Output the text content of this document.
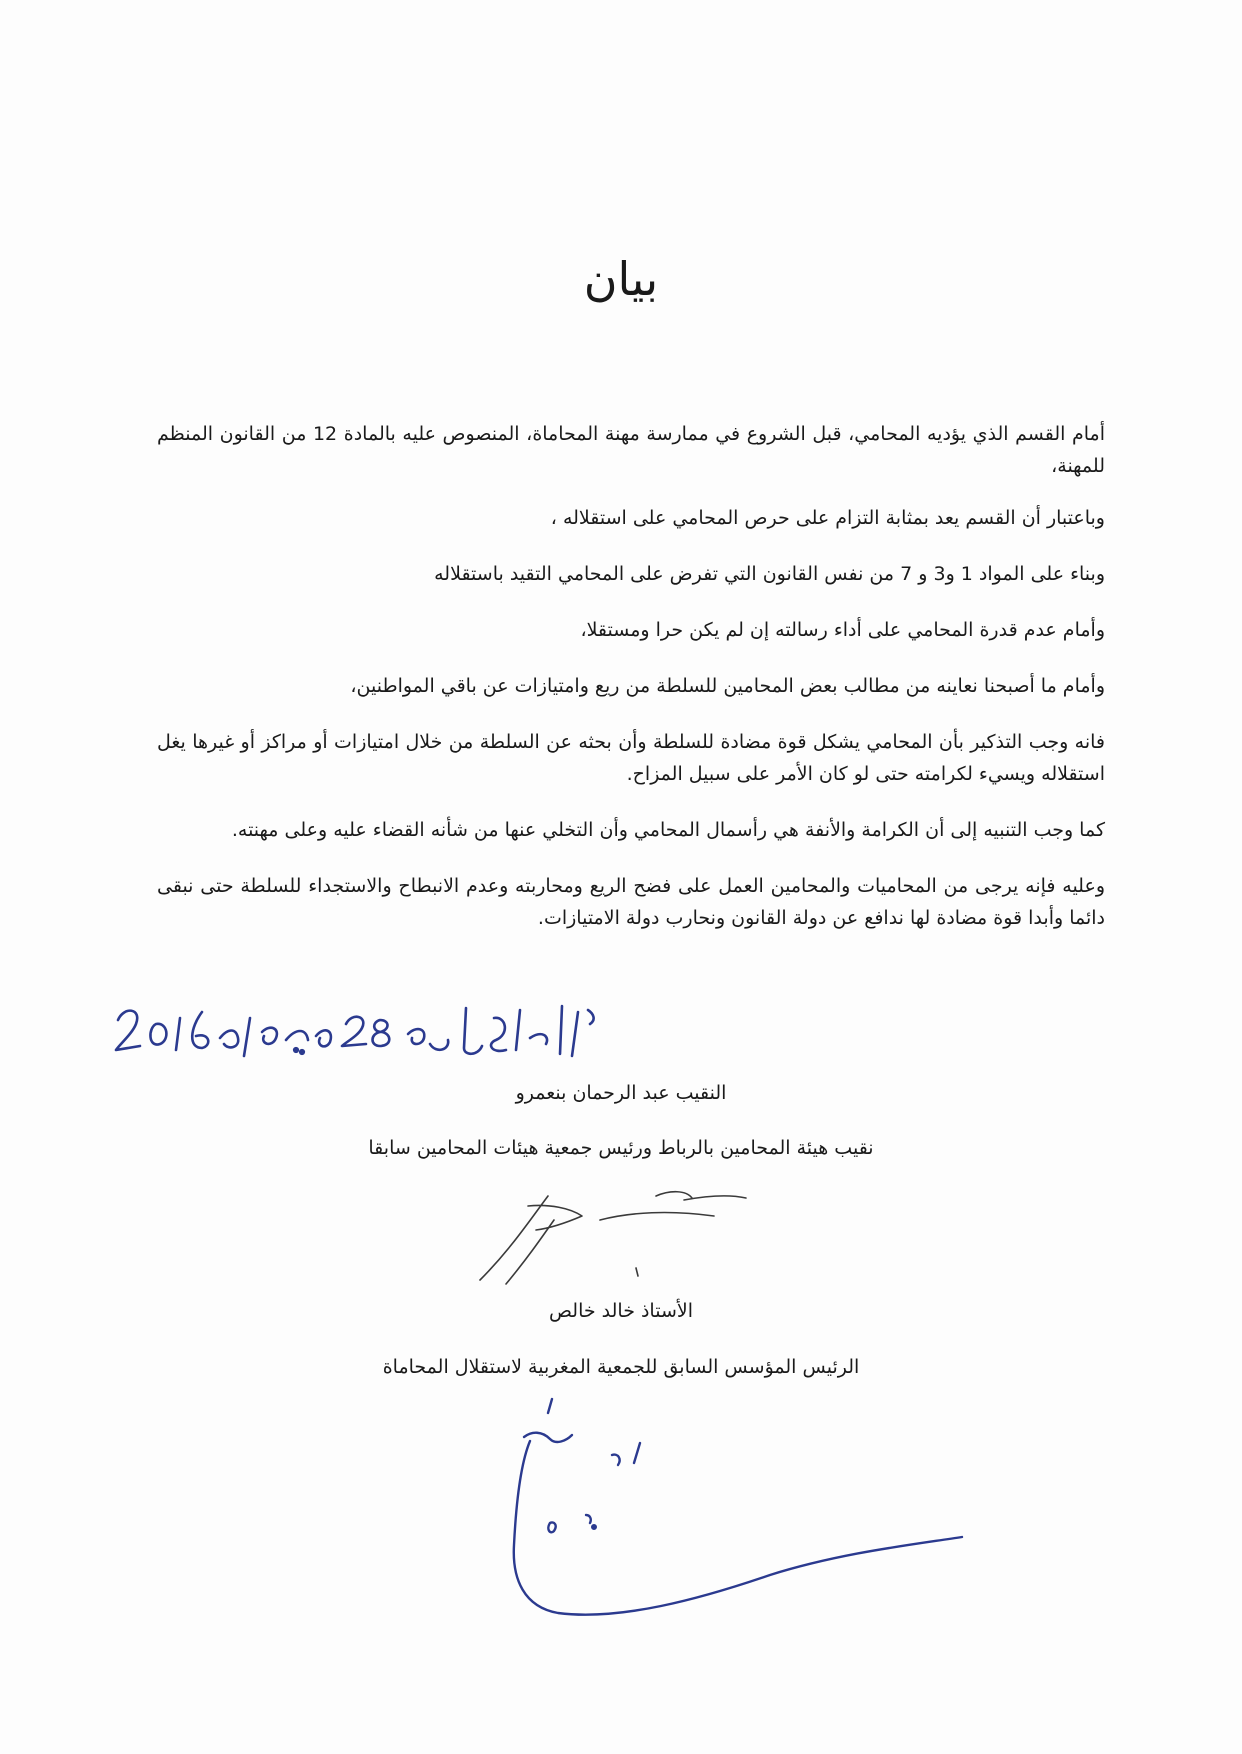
بيان

أمام القسم الذي يؤديه المحامي، قبل الشروع في ممارسة مهنة المحاماة، المنصوص عليه بالمادة 12 من القانون المنظم للمهنة،

وباعتبار أن القسم يعد بمثابة التزام على حرص المحامي على استقلاله ،

وبناء على المواد 1 و3 و 7 من نفس القانون التي تفرض على المحامي التقيد باستقلاله

وأمام عدم قدرة المحامي على أداء رسالته إن لم يكن حرا ومستقلا،

وأمام ما أصبحنا نعاينه من مطالب بعض المحامين للسلطة من ريع وامتيازات عن باقي المواطنين،

فانه وجب التذكير بأن المحامي يشكل قوة مضادة للسلطة وأن بحثه عن السلطة من خلال امتيازات أو مراكز أو غيرها يغل استقلاله ويسيء لكرامته حتى لو كان الأمر على سبيل المزاح.

كما وجب التنبيه إلى أن الكرامة والأنفة هي رأسمال المحامي وأن التخلي عنها من شأنه القضاء عليه وعلى مهنته.

وعليه فإنه يرجى من المحاميات والمحامين العمل على فضح الريع ومحاربته وعدم الانبطاح والاستجداء للسلطة حتى نبقى دائما وأبدا قوة مضادة لها ندافع عن دولة القانون ونحارب دولة الامتيازات.

النقيب عبد الرحمان بنعمرو
نقيب هيئة المحامين بالرباط ورئيس جمعية هيئات المحامين سابقا
الأستاذ خالد خالص
الرئيس المؤسس السابق للجمعية المغربية لاستقلال المحاماة
